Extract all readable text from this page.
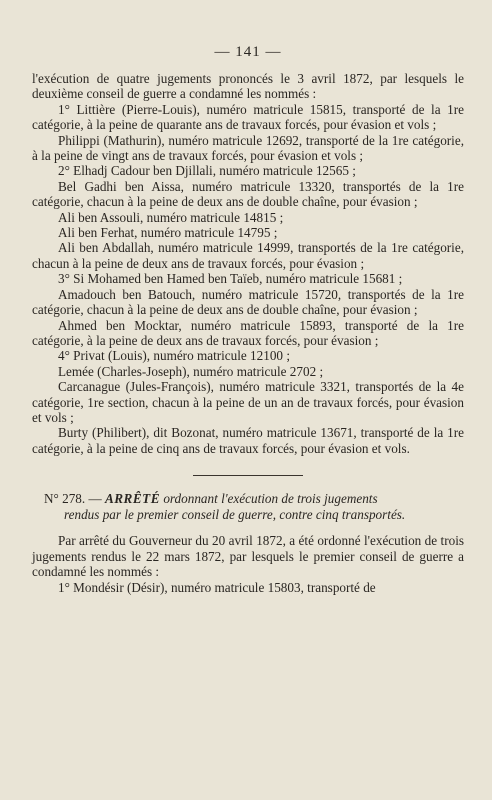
— 141 —

l'exécution de quatre jugements prononcés le 3 avril 1872, par lesquels le deuxième conseil de guerre a condamné les nommés :

1° Littière (Pierre-Louis), numéro matricule 15815, transporté de la 1re catégorie, à la peine de quarante ans de travaux forcés, pour évasion et vols ;

Philippi (Mathurin), numéro matricule 12692, transporté de la 1re catégorie, à la peine de vingt ans de travaux forcés, pour évasion et vols ;

2° Elhadj Cadour ben Djillali, numéro matricule 12565 ;

Bel Gadhi ben Aissa, numéro matricule 13320, transportés de la 1re catégorie, chacun à la peine de deux ans de double chaîne, pour évasion ;

Ali ben Assouli, numéro matricule 14815 ;

Ali ben Ferhat, numéro matricule 14795 ;

Ali ben Abdallah, numéro matricule 14999, transportés de la 1re catégorie, chacun à la peine de deux ans de travaux forcés, pour évasion ;

3° Si Mohamed ben Hamed ben Taïeb, numéro matricule 15681 ;

Amadouch ben Batouch, numéro matricule 15720, transportés de la 1re catégorie, chacun à la peine de deux ans de double chaîne, pour évasion ;

Ahmed ben Mocktar, numéro matricule 15893, transporté de la 1re catégorie, à la peine de deux ans de travaux forcés, pour évasion ;

4° Privat (Louis), numéro matricule 12100 ;

Lemée (Charles-Joseph), numéro matricule 2702 ;

Carcanague (Jules-François), numéro matricule 3321, transportés de la 4e catégorie, 1re section, chacun à la peine de un an de travaux forcés, pour évasion et vols ;

Burty (Philibert), dit Bozonat, numéro matricule 13671, transporté de la 1re catégorie, à la peine de cinq ans de travaux forcés, pour évasion et vols.

N° 278. — ARRÊTÉ ordonnant l'exécution de trois jugements
rendus par le premier conseil de guerre, contre cinq transportés.

Par arrêté du Gouverneur du 20 avril 1872, a été ordonné l'exécution de trois jugements rendus le 22 mars 1872, par lesquels le premier conseil de guerre a condamné les nommés :

1° Mondésir (Désir), numéro matricule 15803, transporté de
